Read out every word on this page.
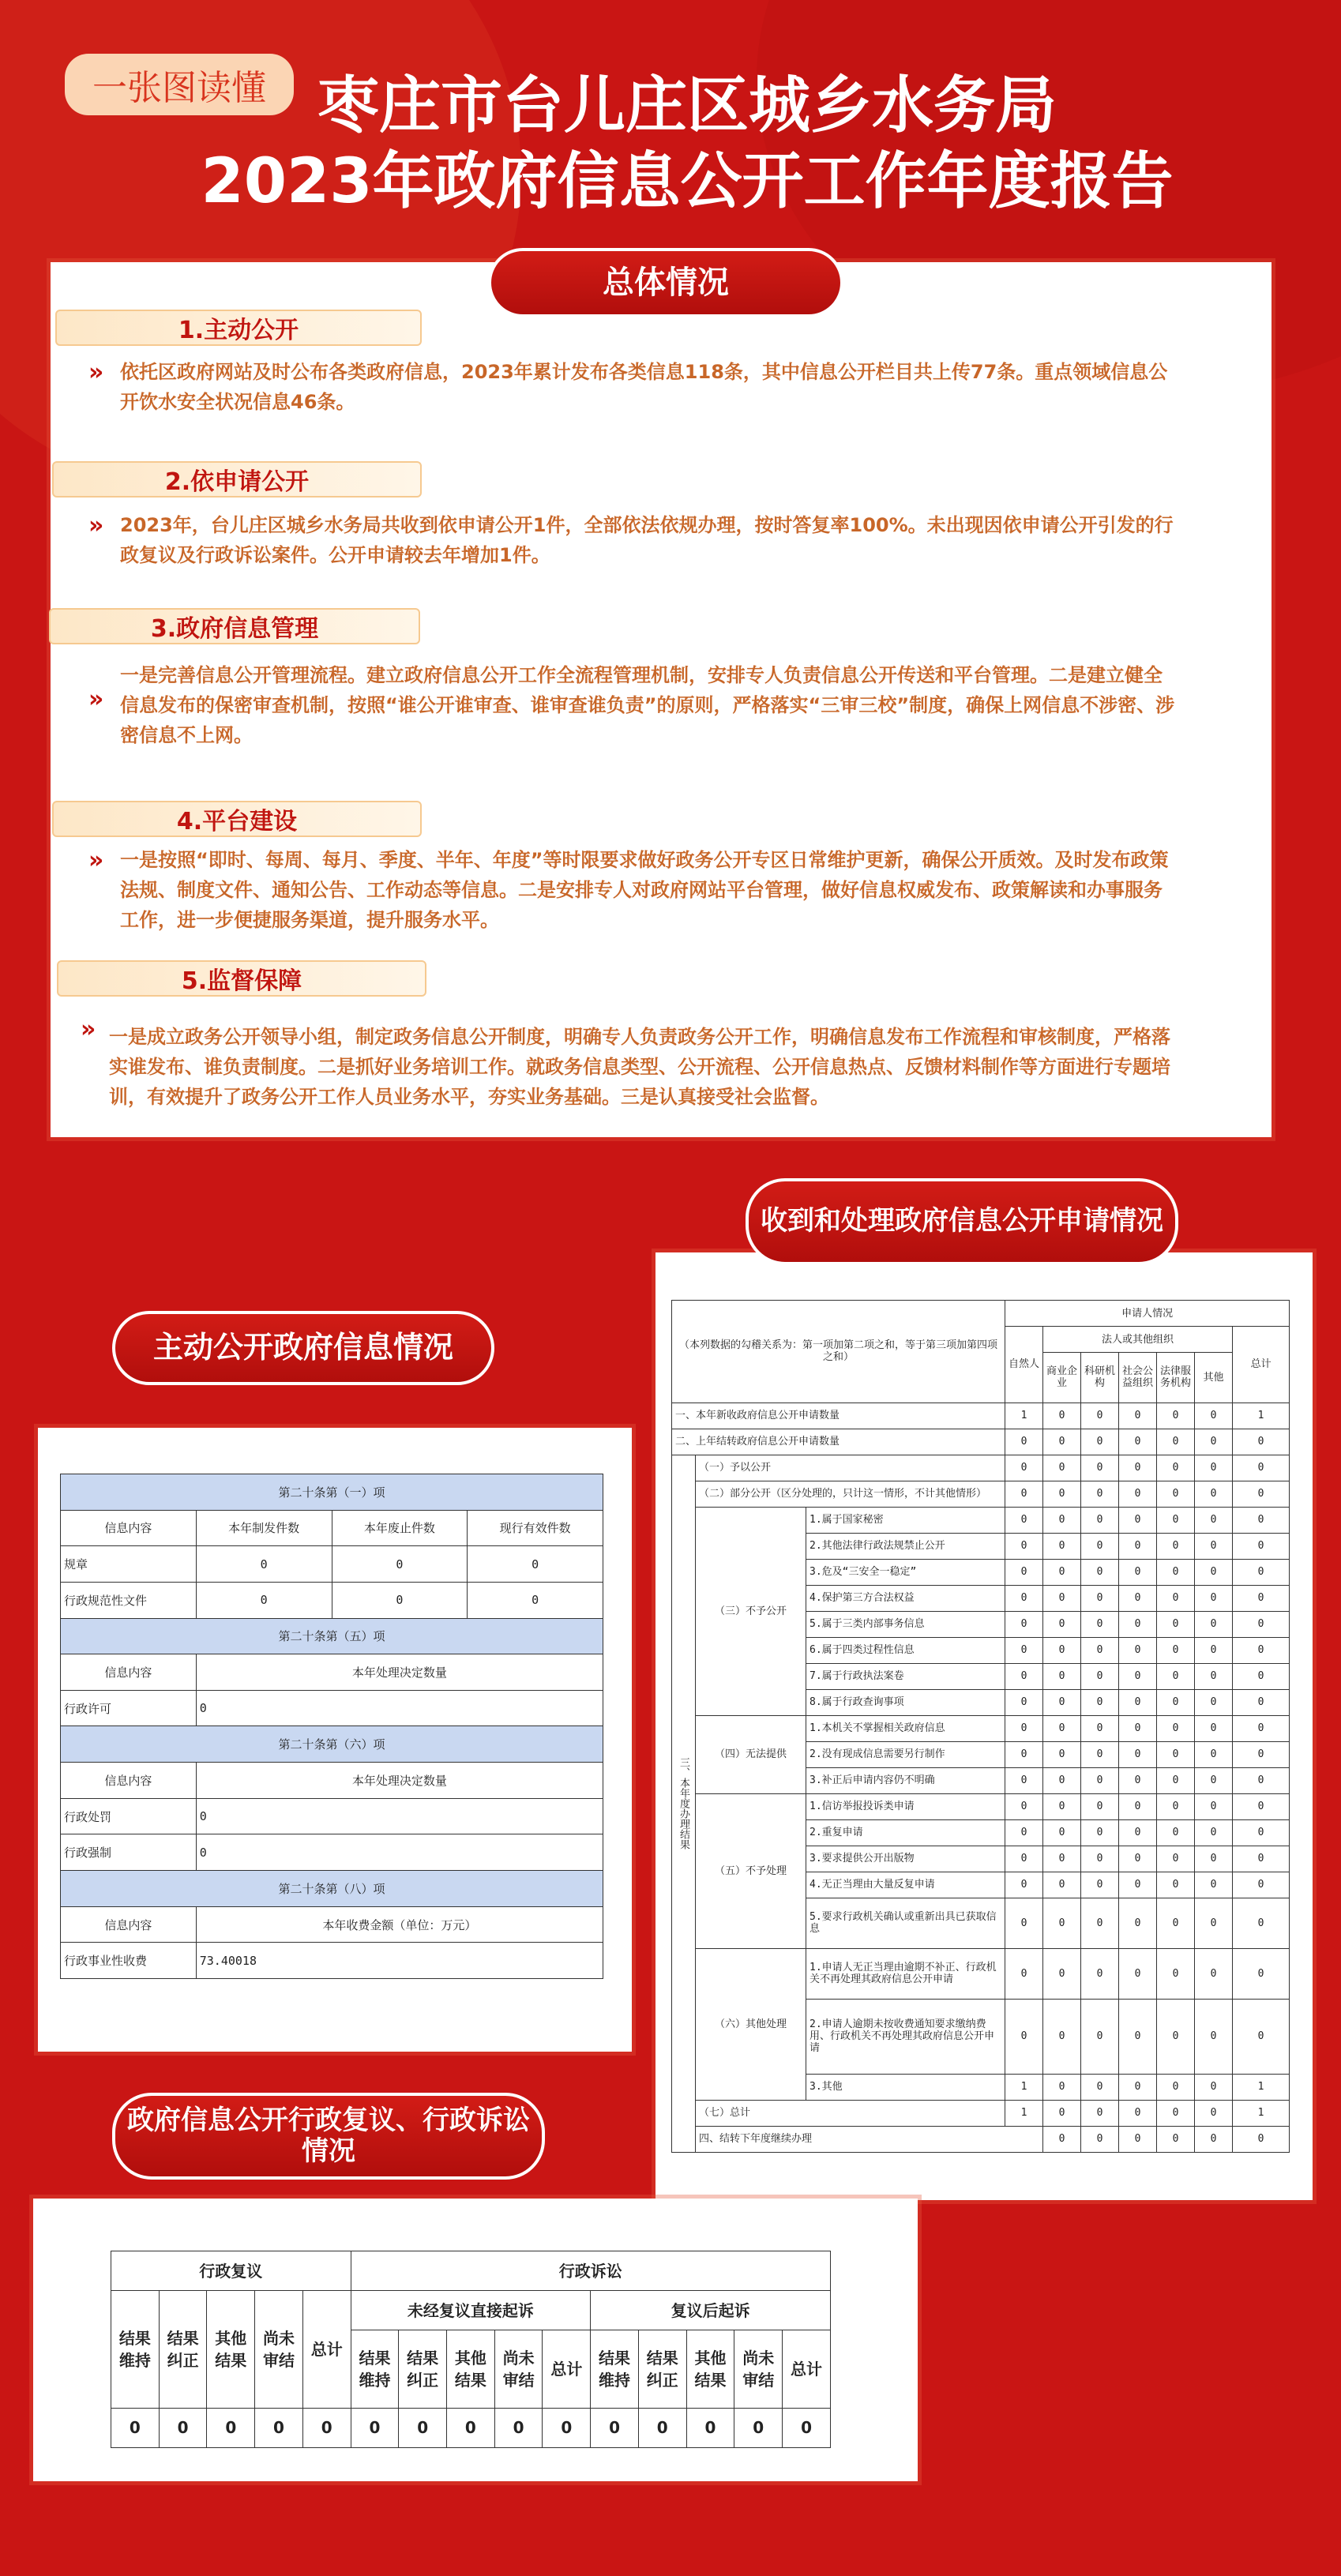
一张图读懂 枣庄市台儿庄区城乡水务局
2023年政府信息公开工作年度报告
总体情况
1.主动公开
» 依托区政府网站及时公布各类政府信息，2023年累计发布各类信息118条，其中信息公开栏目共上传77条。重点领域信息公开饮水安全状况信息46条。
2.依申请公开
» 2023年，台儿庄区城乡水务局共收到依申请公开1件，全部依法依规办理，按时答复率100%。未出现因依申请公开引发的行政复议及行政诉讼案件。公开申请较去年增加1件。
3.政府信息管理
»
一是完善信息公开管理流程。建立政府信息公开工作全流程管理机制，安排专人负责信息公开传送和平台管理。二是建立健全信息发布的保密审查机制，按照“谁公开谁审查、谁审查谁负责”的原则，严格落实“三审三校”制度，确保上网信息不涉密、涉密信息不上网。
4.平台建设
» 一是按照“即时、每周、每月、季度、半年、年度”等时限要求做好政务公开专区日常维护更新，确保公开质效。及时发布政策法规、制度文件、通知公告、工作动态等信息。二是安排专人对政府网站平台管理，做好信息权威发布、政策解读和办事服务工作，进一步便捷服务渠道，提升服务水平。
5.监督保障
» 一是成立政务公开领导小组，制定政务信息公开制度，明确专人负责政务公开工作，明确信息发布工作流程和审核制度，严格落实谁发布、谁负责制度。二是抓好业务培训工作。就政务信息类型、公开流程、公开信息热点、反馈材料制作等方面进行专题培训，有效提升了政务公开工作人员业务水平，夯实业务基础。三是认真接受社会监督。
主动公开政府信息情况
第二十条第（一）项			
信息内容	本年制发件数	本年废止件数	现行有效件数
规章	0	0	0
行政规范性文件	0	0	0
第二十条第（五）项			
信息内容	本年处理决定数量		
行政许可	0		
第二十条第（六）项			
信息内容	本年处理决定数量		
行政处罚	0		
行政强制	0		
第二十条第（八）项			
信息内容	本年收费金额（单位：万元）		
行政事业性收费	73.40018		
收到和处理政府信息公开申请情况
（本列数据的勾稽关系为：第一项加第二项之和，等于第三项加第四项之和）			申请人情况							
			自然人	法人或其他组织					总计	
				商业企业	科研机构	社会公益组织	法律服务机构	其他		
一、本年新收政府信息公开申请数量			1	0	0	0	0	0	1	
二、上年结转政府信息公开申请数量			0	0	0	0	0	0	0	
三、本年度办理结果	（一）予以公开		0	0	0	0	0	0	0	
	（二）部分公开（区分处理的，只计这一情形，不计其他情形）		0	0	0	0	0	0	0	
	（三）不予公开	1.属于国家秘密	0	0	0	0	0	0	0	
		2.其他法律行政法规禁止公开	0	0	0	0	0	0	0	
		3.危及“三安全一稳定”	0	0	0	0	0	0	0	
		4.保护第三方合法权益	0	0	0	0	0	0	0	
		5.属于三类内部事务信息	0	0	0	0	0	0	0	
		6.属于四类过程性信息	0	0	0	0	0	0	0	
		7.属于行政执法案卷	0	0	0	0	0	0	0	
		8.属于行政查询事项	0	0	0	0	0	0	0	
	（四）无法提供	1.本机关不掌握相关政府信息	0	0	0	0	0	0	0	
		2.没有现成信息需要另行制作	0	0	0	0	0	0	0	
		3.补正后申请内容仍不明确	0	0	0	0	0	0	0	
	（五）不予处理	1.信访举报投诉类申请	0	0	0	0	0	0	0	
		2.重复申请	0	0	0	0	0	0	0	
		3.要求提供公开出版物	0	0	0	0	0	0	0	
		4.无正当理由大量反复申请	0	0	0	0	0	0	0	
		5.要求行政机关确认或重新出具已获取信息	0	0	0	0	0	0	0	
	（六）其他处理	1.申请人无正当理由逾期不补正、行政机关不再处理其政府信息公开申请	0	0	0	0	0	0	0	
		2.申请人逾期未按收费通知要求缴纳费用、行政机关不再处理其政府信息公开申请	0	0	0	0	0	0	0	
		3.其他	1	0	0	0	0	0	1	
	（七）总计		1	0	0	0	0	0	1	
	四、结转下年度继续办理			0	0	0	0	0	0	
政府信息公开行政复议、行政诉讼情况
行政复议					行政诉讼									
结果维持	结果纠正	其他结果	尚未审结	总计	未经复议直接起诉					复议后起诉				
					结果维持	结果纠正	其他结果	尚未审结	总计	结果维持	结果纠正	其他结果	尚未审结	总计
0	0	0	0	0	0	0	0	0	0	0	0	0	0	0
